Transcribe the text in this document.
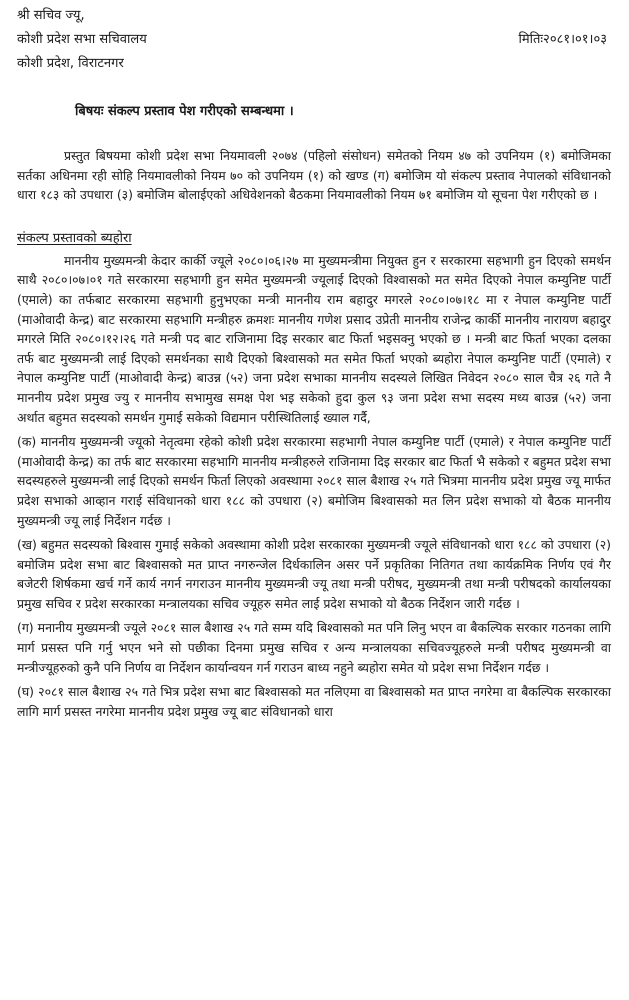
श्री सचिव ज्यू,
कोशी प्रदेश सभा सचिवालय
कोशी प्रदेश, विराटनगर
मितिः२०८१।०१।०३
बिषयः संकल्प प्रस्ताव पेश गरीएको सम्बन्धमा ।

प्रस्तुत बिषयमा कोशी प्रदेश सभा नियमावली २०७४ (पहिलो संसोधन) समेतको नियम ४७ को उपनियम (१) बमोजिमका सर्तका अधिनमा रही सोहि नियमावलीको नियम ७० को उपनियम (१) को खण्ड (ग) बमोजिम यो संकल्प प्रस्ताव नेपालको संविधानको धारा १८३ को उपधारा (३) बमोजिम बोलाईएको अधिवेशनको बैठकमा नियमावलीको नियम ७१ बमोजिम यो सूचना पेश गरीएको छ ।

संकल्प प्रस्तावको ब्यहोरा

माननीय मुख्यमन्त्री केदार कार्की ज्यूले २०८०।०६।२७ मा मुख्यमन्त्रीमा नियुक्त हुन र सरकारमा सहभागी हुन दिएको समर्थन साथै २०८०।०७।०१ गते सरकारमा सहभागी हुन समेत मुख्यमन्त्री ज्यूलाई दिएको विश्वासको मत समेत दिएको नेपाल कम्युनिष्ट पार्टी (एमाले) का तर्फबाट सरकारमा सहभागी हुनुभएका मन्त्री माननीय राम बहादुर मगरले २०८०।०७।१८ मा र नेपाल कम्युनिष्ट पार्टी (माओवादी केन्द्र) बाट सरकारमा सहभागि मन्त्रीहरु क्रमशः माननीय गणेश प्रसाद उप्रेती माननीय राजेन्द्र कार्की माननीय नारायण बहादुर मगरले मिति २०८०।१२।२६ गते मन्त्री पद बाट राजिनामा दिइ सरकार बाट फिर्ता भइसक्नु भएको छ । मन्त्री बाट फिर्ता भएका दलका तर्फ बाट मुख्यमन्त्री लाई दिएको समर्थनका साथै दिएको बिश्वासको मत समेत फिर्ता भएको ब्यहोरा नेपाल कम्युनिष्ट पार्टी (एमाले) र नेपाल कम्युनिष्ट पार्टी (माओवादी केन्द्र) बाउन्न (५२) जना प्रदेश सभाका माननीय सदस्यले लिखित निवेदन २०८० साल चैत्र २६ गते नै माननीय प्रदेश प्रमुख ज्यु र माननीय सभामुख समक्ष पेश भइ सकेको हुदा कुल ९३ जना प्रदेश सभा सदस्य मध्य बाउन्न (५२) जना अर्थात बहुमत सदस्यको समर्थन गुमाई सकेको विद्यमान परीस्थितिलाई ख्याल गर्दै,

(क) माननीय मुख्यमन्त्री ज्यूको नेतृत्वमा रहेको कोशी प्रदेश सरकारमा सहभागी नेपाल कम्युनिष्ट पार्टी (एमाले) र नेपाल कम्युनिष्ट पार्टी (माओवादी केन्द्र) का तर्फ बाट सरकारमा सहभागि माननीय मन्त्रीहरुले राजिनामा दिइ सरकार बाट फिर्ता भै सकेको र बहुमत प्रदेश सभा सदस्यहरुले मुख्यमन्त्री लाई दिएको समर्थन फिर्ता लिएको अवस्थामा २०८१ साल बैशाख २५ गते भित्रमा माननीय प्रदेश प्रमुख ज्यू मार्फत प्रदेश सभाको आव्हान गराई संविधानको धारा १८८ को उपधारा (२) बमोजिम बिश्वासको मत लिन प्रदेश सभाको यो बैठक माननीय मुख्यमन्त्री ज्यू लाई निर्देशन गर्दछ ।

(ख) बहुमत सदस्यको बिश्वास गुमाई सकेको अवस्थामा कोशी प्रदेश सरकारका मुख्यमन्त्री ज्यूले संविधानको धारा १८८ को उपधारा (२) बमोजिम प्रदेश सभा बाट बिश्वासको मत प्राप्त नगरुन्जेल दिर्धकालिन असर पर्ने प्रकृतिका नितिगत तथा कार्यक्रमिक निर्णय एवं गैर बजेटरी शिर्षकमा खर्च गर्ने कार्य नगर्न नगराउन माननीय मुख्यमन्त्री ज्यू तथा मन्त्री परीषद, मुख्यमन्त्री तथा मन्त्री परीषदको कार्यालयका प्रमुख सचिव र प्रदेश सरकारका मन्त्रालयका सचिव ज्यूहरु समेत लाई प्रदेश सभाको यो बैठक निर्देशन जारी गर्दछ ।

(ग) मनानीय मुख्यमन्त्री ज्यूले २०८१ साल बैशाख २५ गते सम्म यदि बिश्वासको मत पनि लिनु भएन वा बैकल्पिक सरकार गठनका लागि मार्ग प्रसस्त पनि गर्नु भएन भने सो पछीका दिनमा प्रमुख सचिव र अन्य मन्त्रालयका सचिवज्यूहरुले मन्त्री परीषद मुख्यमन्त्री वा मन्त्रीज्यूहरुको कुनै पनि निर्णय वा निर्देशन कार्यान्वयन गर्न गराउन बाध्य नहुने ब्यहोरा समेत यो प्रदेश सभा निर्देशन गर्दछ ।

(घ) २०८१ साल बैशाख २५ गते भित्र प्रदेश सभा बाट बिश्वासको मत नलिएमा वा बिश्वासको मत प्राप्त नगरेमा वा बैकल्पिक सरकारका लागि मार्ग प्रसस्त नगरेमा माननीय प्रदेश प्रमुख ज्यू बाट संविधानको धारा
